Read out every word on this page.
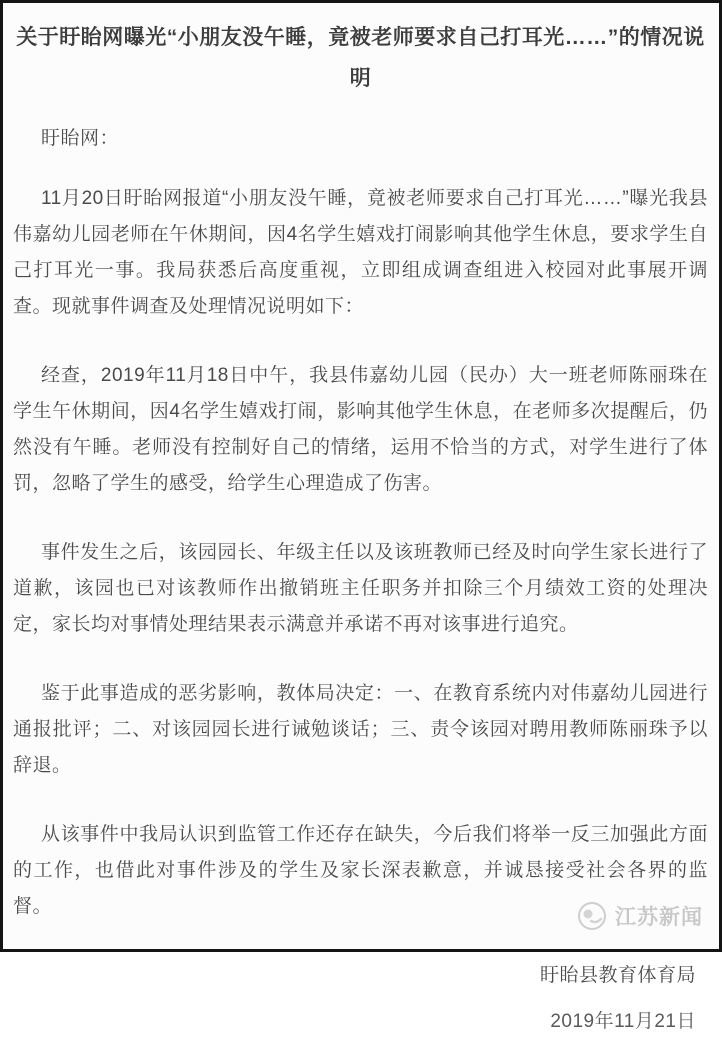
关于盱眙网曝光“小朋友没午睡，竟被老师要求自己打耳光……”的情况说明

盱眙网：

11月20日盱眙网报道“小朋友没午睡，竟被老师要求自己打耳光……”曝光我县伟嘉幼儿园老师在午休期间，因4名学生嬉戏打闹影响其他学生休息，要求学生自己打耳光一事。我局获悉后高度重视，立即组成调查组进入校园对此事展开调查。现就事件调查及处理情况说明如下：

经查，2019年11月18日中午，我县伟嘉幼儿园（民办）大一班老师陈丽珠在学生午休期间，因4名学生嬉戏打闹，影响其他学生休息，在老师多次提醒后，仍然没有午睡。老师没有控制好自己的情绪，运用不恰当的方式，对学生进行了体罚，忽略了学生的感受，给学生心理造成了伤害。

事件发生之后，该园园长、年级主任以及该班教师已经及时向学生家长进行了道歉，该园也已对该教师作出撤销班主任职务并扣除三个月绩效工资的处理决定，家长均对事情处理结果表示满意并承诺不再对该事进行追究。

鉴于此事造成的恶劣影响，教体局决定：一、在教育系统内对伟嘉幼儿园进行通报批评；二、对该园园长进行诫勉谈话；三、责令该园对聘用教师陈丽珠予以辞退。

从该事件中我局认识到监管工作还存在缺失，今后我们将举一反三加强此方面的工作，也借此对事件涉及的学生及家长深表歉意，并诚恳接受社会各界的监督。

盱眙县教育体育局

2019年11月21日

江苏新闻
